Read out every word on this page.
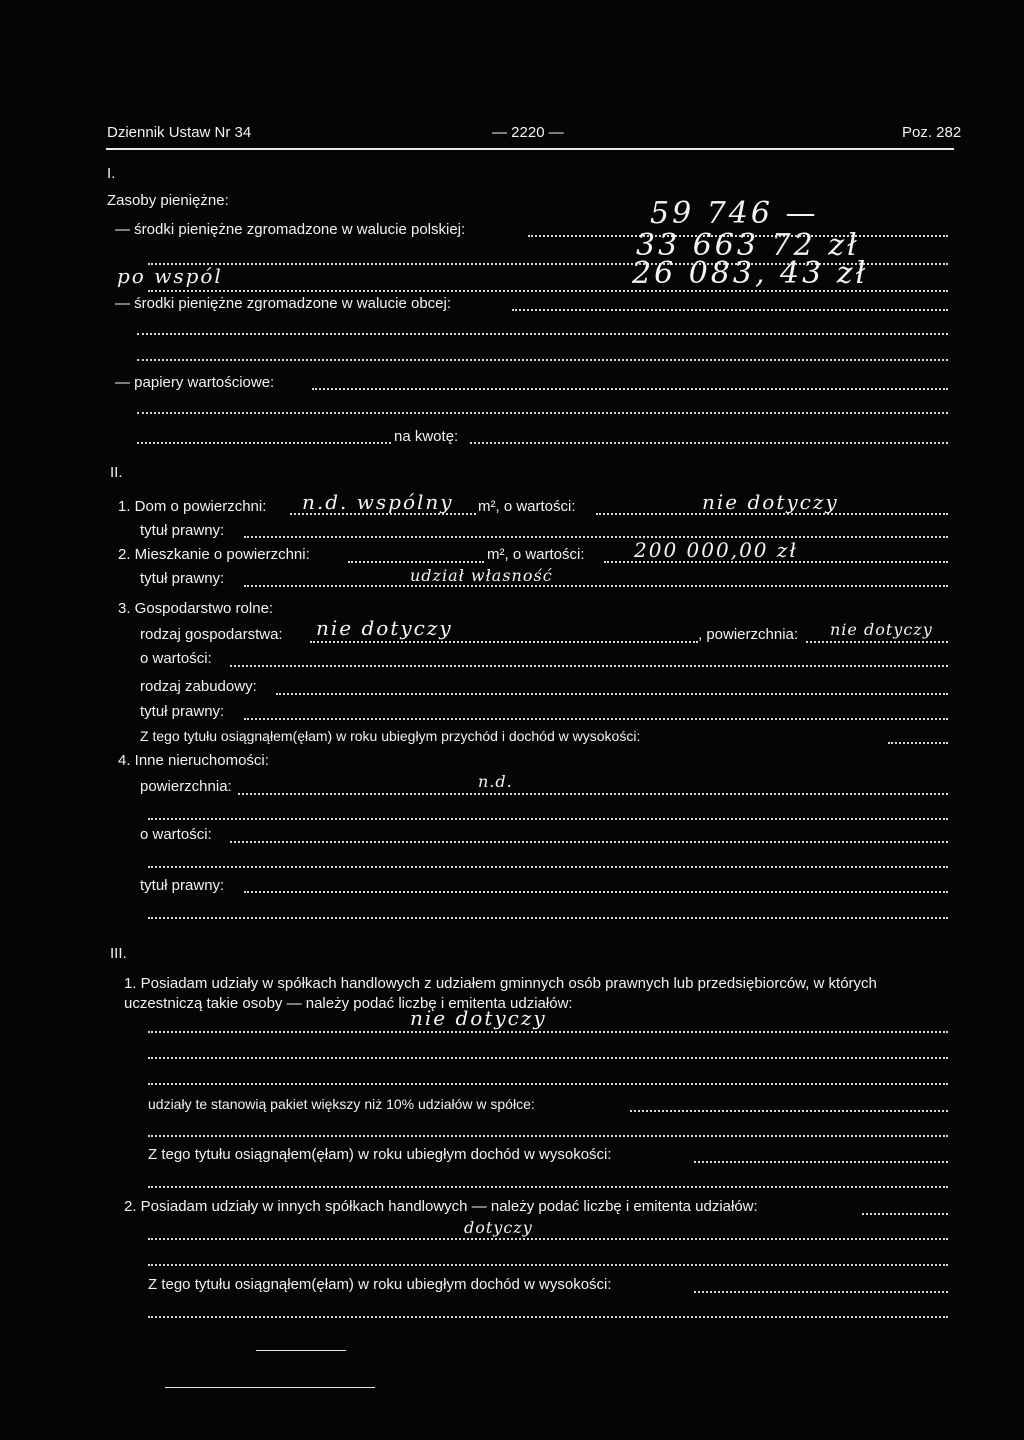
Dziennik Ustaw Nr 34	— 2220 —	Poz. 282
I.
Zasoby pieniężne:
— środki pieniężne zgromadzone w walucie polskiej:	59 746 —
33 663 72 zł
po wspól	26 083, 43 zł
— środki pieniężne zgromadzone w walucie obcej:
— papiery wartościowe:
na kwotę:
II.
1. Dom o powierzchni: n.d. wspólny m², o wartości:	nie dotyczy
tytuł prawny:
2. Mieszkanie o powierzchni:	m², o wartości: 200 000,00 zł
tytuł prawny:	udział własność
3. Gospodarstwo rolne:
rodzaj gospodarstwa: nie dotyczy	, powierzchnia: nie dotyczy
o wartości:
rodzaj zabudowy:
tytuł prawny:
Z tego tytułu osiągnąłem(ęłam) w roku ubiegłym przychód i dochód w wysokości:
4. Inne nieruchomości:
powierzchnia:	n.d.
o wartości:
tytuł prawny:
III.
1. Posiadam udziały w spółkach handlowych z udziałem gminnych osób prawnych lub przedsiębiorców, w których uczestniczą takie osoby — należy podać liczbę i emitenta udziałów:
nie dotyczy
udziały te stanowią pakiet większy niż 10% udziałów w spółce:
Z tego tytułu osiągnąłem(ęłam) w roku ubiegłym dochód w wysokości:
2. Posiadam udziały w innych spółkach handlowych — należy podać liczbę i emitenta udziałów:
dotyczy
Z tego tytułu osiągnąłem(ęłam) w roku ubiegłym dochód w wysokości:
